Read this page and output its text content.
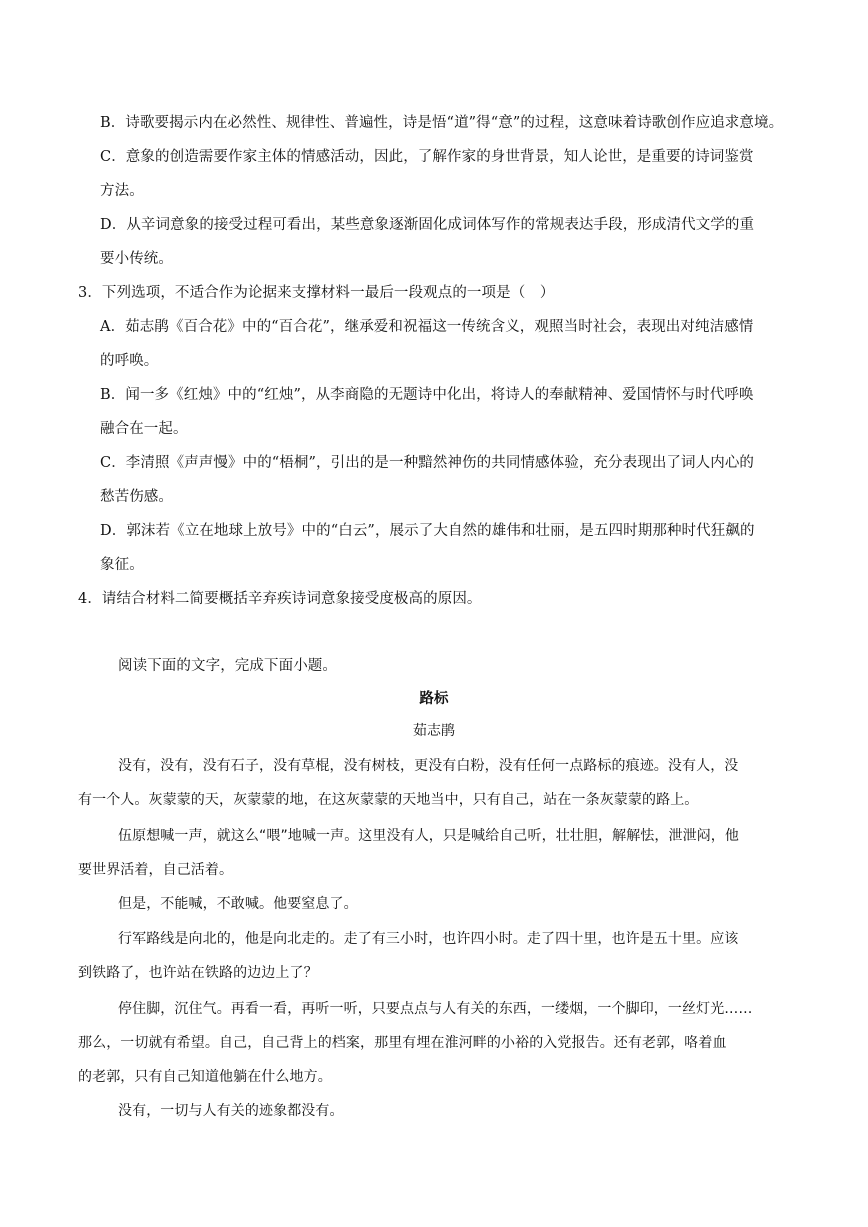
B．诗歌要揭示内在必然性、规律性、普遍性，诗是悟“道”得“意”的过程，这意味着诗歌创作应追求意境。
C．意象的创造需要作家主体的情感活动，因此，了解作家的身世背景，知人论世，是重要的诗词鉴赏
方法。
D．从辛词意象的接受过程可看出，某些意象逐渐固化成词体写作的常规表达手段，形成清代文学的重
要小传统。
3．下列选项，不适合作为论据来支撑材料一最后一段观点的一项是（　）
A．茹志鹃《百合花》中的“百合花”，继承爱和祝福这一传统含义，观照当时社会，表现出对纯洁感情
的呼唤。
B．闻一多《红烛》中的“红烛”，从李商隐的无题诗中化出，将诗人的奉献精神、爱国情怀与时代呼唤
融合在一起。
C．李清照《声声慢》中的“梧桐”，引出的是一种黯然神伤的共同情感体验，充分表现出了词人内心的
愁苦伤感。
D．郭沫若《立在地球上放号》中的“白云”，展示了大自然的雄伟和壮丽，是五四时期那种时代狂飙的
象征。
4．请结合材料二简要概括辛弃疾诗词意象接受度极高的原因。
阅读下面的文字，完成下面小题。
路标
茹志鹃
没有，没有，没有石子，没有草棍，没有树枝，更没有白粉，没有任何一点路标的痕迹。没有人，没
有一个人。灰蒙蒙的天，灰蒙蒙的地，在这灰蒙蒙的天地当中，只有自己，站在一条灰蒙蒙的路上。
伍原想喊一声，就这么“喂”地喊一声。这里没有人，只是喊给自己听，壮壮胆，解解怯，泄泄闷，他
要世界活着，自己活着。
但是，不能喊，不敢喊。他要窒息了。
行军路线是向北的，他是向北走的。走了有三小时，也许四小时。走了四十里，也许是五十里。应该
到铁路了，也许站在铁路的边边上了？
停住脚，沉住气。再看一看，再听一听，只要点点与人有关的东西，一缕烟，一个脚印，一丝灯光……
那么，一切就有希望。自己，自己背上的档案，那里有埋在淮河畔的小裕的入党报告。还有老郭，咯着血
的老郭，只有自己知道他躺在什么地方。
没有，一切与人有关的迹象都没有。
